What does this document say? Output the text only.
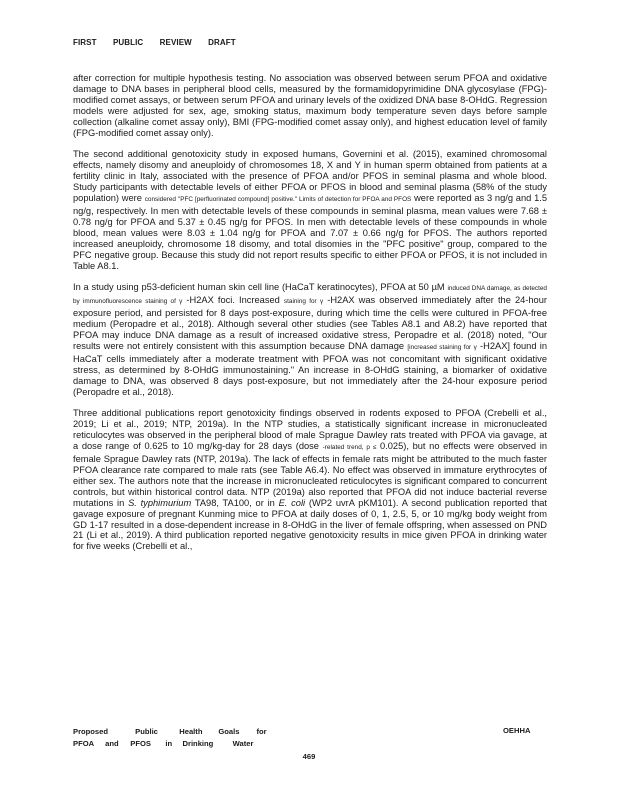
FIRST PUBLIC REVIEW DRAFT

after correction for multiple hypothesis testing. No association was observed between serum PFOA and oxidative damage to DNA bases in peripheral blood cells, measured by the formamidopyrimidine DNA glycosylase (FPG)-modified comet assays, or between serum PFOA and urinary levels of the oxidized DNA base 8-OHdG. Regression models were adjusted for sex, age, smoking status, maximum body temperature seven days before sample collection (alkaline comet assay only), BMI (FPG-modified comet assay only), and highest education level of family (FPG-modified comet assay only).

The second additional genotoxicity study in exposed humans, Governini et al. (2015), examined chromosomal effects, namely disomy and aneuploidy of chromosomes 18, X and Y in human sperm obtained from patients at a fertility clinic in Italy, associated with the presence of PFOA and/or PFOS in seminal plasma and whole blood. Study participants with detectable levels of either PFOA or PFOS in blood and seminal plasma (58% of the study population) were considered "PFC [perfluorinated compound] positive." Limits of detection for PFOA and PFOS were reported as 3 ng/g and 1.5 ng/g, respectively. In men with detectable levels of these compounds in seminal plasma, mean values were 7.68 ± 0.78 ng/g for PFOA and 5.37 ± 0.45 ng/g for PFOS. In men with detectable levels of these compounds in whole blood, mean values were 8.03 ± 1.04 ng/g for PFOA and 7.07 ± 0.66 ng/g for PFOS. The authors reported increased aneuploidy, chromosome 18 disomy, and total disomies in the "PFC positive" group, compared to the PFC negative group. Because this study did not report results specific to either PFOA or PFOS, it is not included in Table A8.1.

In a study using p53-deficient human skin cell line (HaCaT keratinocytes), PFOA at 50 µM induced DNA damage, as detected by immunofluorescence staining of γ -H2AX foci. Increased staining for γ -H2AX was observed immediately after the 24-hour exposure period, and persisted for 8 days post-exposure, during which time the cells were cultured in PFOA-free medium (Peropadre et al., 2018). Although several other studies (see Tables A8.1 and A8.2) have reported that PFOA may induce DNA damage as a result of increased oxidative stress, Peropadre et al. (2018) noted, "Our results were not entirely consistent with this assumption because DNA damage [increased staining for γ -H2AX] found in HaCaT cells immediately after a moderate treatment with PFOA was not concomitant with significant oxidative stress, as determined by 8-OHdG immunostaining." An increase in 8-OHdG staining, a biomarker of oxidative damage to DNA, was observed 8 days post-exposure, but not immediately after the 24-hour exposure period (Peropadre et al., 2018).

Three additional publications report genotoxicity findings observed in rodents exposed to PFOA (Crebelli et al., 2019; Li et al., 2019; NTP, 2019a). In the NTP studies, a statistically significant increase in micronucleated reticulocytes was observed in the peripheral blood of male Sprague Dawley rats treated with PFOA via gavage, at a dose range of 0.625 to 10 mg/kg-day for 28 days (dose -related trend, p ≤ 0.025), but no effects were observed in female Sprague Dawley rats (NTP, 2019a). The lack of effects in female rats might be attributed to the much faster PFOA clearance rate compared to male rats (see Table A6.4). No effect was observed in immature erythrocytes of either sex. The authors note that the increase in micronucleated reticulocytes is significant compared to concurrent controls, but within historical control data. NTP (2019a) also reported that PFOA did not induce bacterial reverse mutations in S. typhimurium TA98, TA100, or in E. coli (WP2 uvrA pKM101). A second publication reported that gavage exposure of pregnant Kunming mice to PFOA at daily doses of 0, 1, 2.5, 5, or 10 mg/kg body weight from GD 1-17 resulted in a dose-dependent increase in 8-OHdG in the liver of female offspring, when assessed on PND 21 (Li et al., 2019). A third publication reported negative genotoxicity results in mice given PFOA in drinking water for five weeks (Crebelli et al.,

Proposed	Public	Health Goals for
PFOA and PFOS in Drinking	Water
OEHHA
469
